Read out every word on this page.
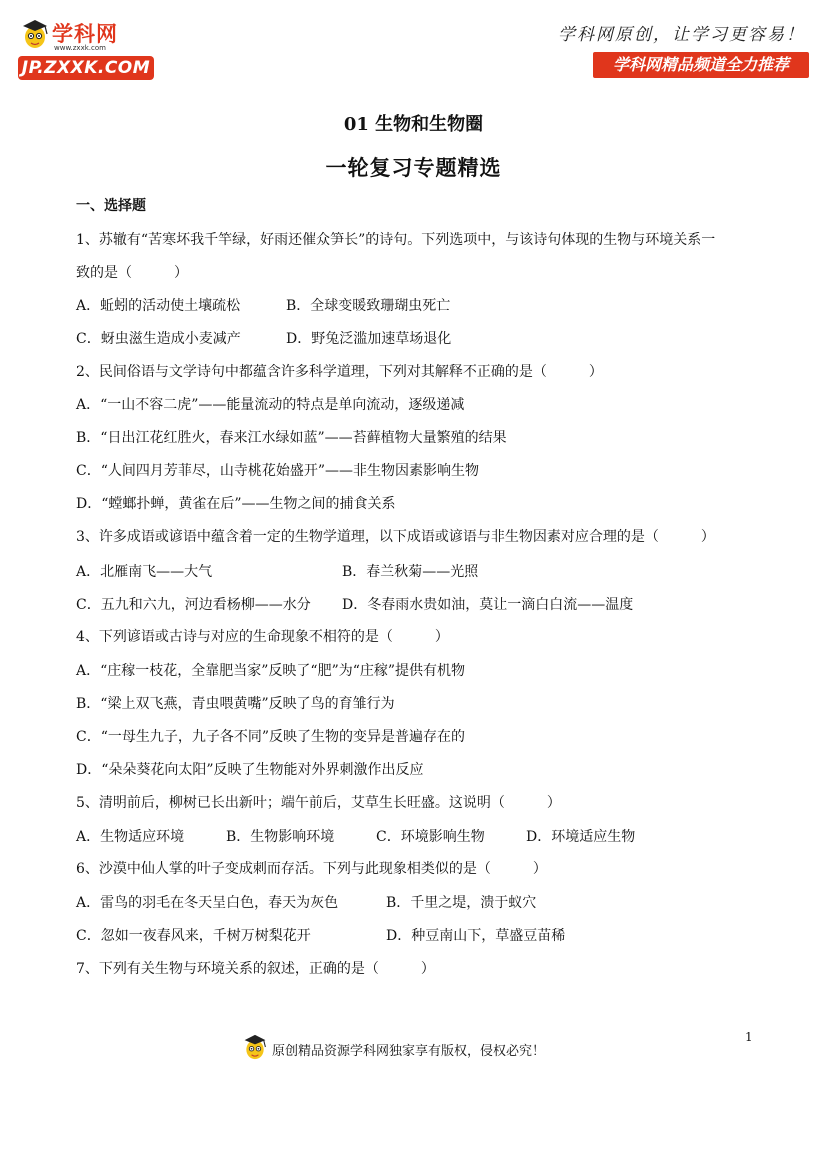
学科网
www.zxxk.com
JP.ZXXK.COM
学科网原创，让学习更容易！
学科网精品频道全力推荐
01 生物和生物圈
一轮复习专题精选
一、选择题
1、苏辙有“苦寒坏我千竿绿，好雨还催众笋长”的诗句。下列选项中，与该诗句体现的生物与环境关系一
致的是（　　　）
A．蚯蚓的活动使土壤疏松	B．全球变暖致珊瑚虫死亡
C．蚜虫滋生造成小麦减产	D．野兔泛滥加速草场退化
2、民间俗语与文学诗句中都蕴含许多科学道理，下列对其解释不正确的是（　　　）
A．“一山不容二虎”——能量流动的特点是单向流动，逐级递减
B．“日出江花红胜火，春来江水绿如蓝”——苔藓植物大量繁殖的结果
C．“人间四月芳菲尽，山寺桃花始盛开”——非生物因素影响生物
D．“螳螂扑蝉，黄雀在后”——生物之间的捕食关系
3、许多成语或谚语中蕴含着一定的生物学道理，以下成语或谚语与非生物因素对应合理的是（　　　）
A．北雁南飞——大气	B．春兰秋菊——光照
C．五九和六九，河边看杨柳——水分 D．冬春雨水贵如油，莫让一滴白白流——温度
4、下列谚语或古诗与对应的生命现象不相符的是（　　　）
A．“庄稼一枝花，全靠肥当家”反映了“肥”为“庄稼”提供有机物
B．“梁上双飞燕，青虫喂黄嘴”反映了鸟的育雏行为
C．“一母生九子，九子各不同”反映了生物的变异是普遍存在的
D．“朵朵葵花向太阳”反映了生物能对外界刺激作出反应
5、清明前后，柳树已长出新叶；端午前后，艾草生长旺盛。这说明（　　　）
A．生物适应环境	B．生物影响环境	C．环境影响生物	D．环境适应生物
6、沙漠中仙人掌的叶子变成刺而存活。下列与此现象相类似的是（　　　）
A．雷鸟的羽毛在冬天呈白色，春天为灰色	B．千里之堤，溃于蚁穴
C．忽如一夜春风来，千树万树梨花开	D．种豆南山下，草盛豆苗稀
7、下列有关生物与环境关系的叙述，正确的是（　　　）
原创精品资源学科网独家享有版权，侵权必究！
1
